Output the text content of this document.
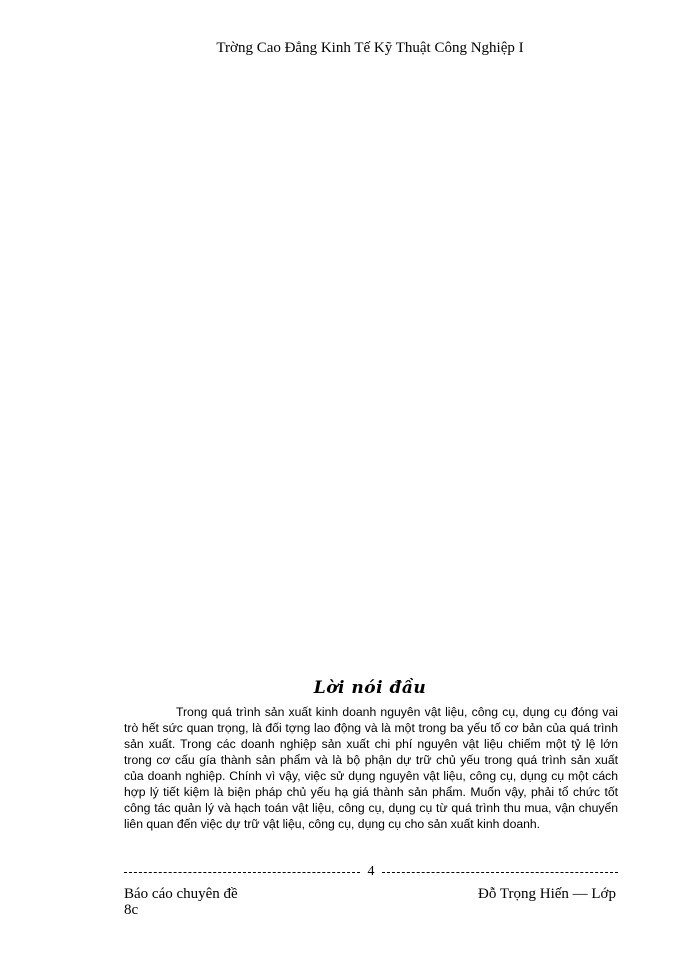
Trờng Cao Đẳng Kinh Tế Kỹ Thuật Công Nghiệp I
Lời nói đầu

Trong quá trình sản xuất kinh doanh nguyên vật liệu, công cụ, dụng cụ đóng vai trò hết sức quan trọng, là đối tợng lao động và là một trong ba yếu tố cơ bản của quá trình sản xuất. Trong các doanh nghiệp sản xuất chi phí nguyên vật liệu chiếm một tỷ lệ lớn trong cơ cấu gía thành sản phẩm và là bộ phận dự trữ chủ yếu trong quá trình sản xuất của doanh nghiệp. Chính vì vậy, việc sử dụng nguyên vật liệu, công cụ, dụng cụ một cách hợp lý tiết kiệm là biện pháp chủ yếu hạ giá thành sản phẩm. Muốn vậy, phải tổ chức tốt công tác quản lý và hạch toán vật liệu, công cụ, dụng cụ từ quá trình thu mua, vận chuyển liên quan đến việc dự trữ vật liệu, công cụ, dụng cụ cho sản xuất kinh doanh.

4
Báo cáo chuyên đề
8c
Đỗ Trọng Hiến — Lớp
